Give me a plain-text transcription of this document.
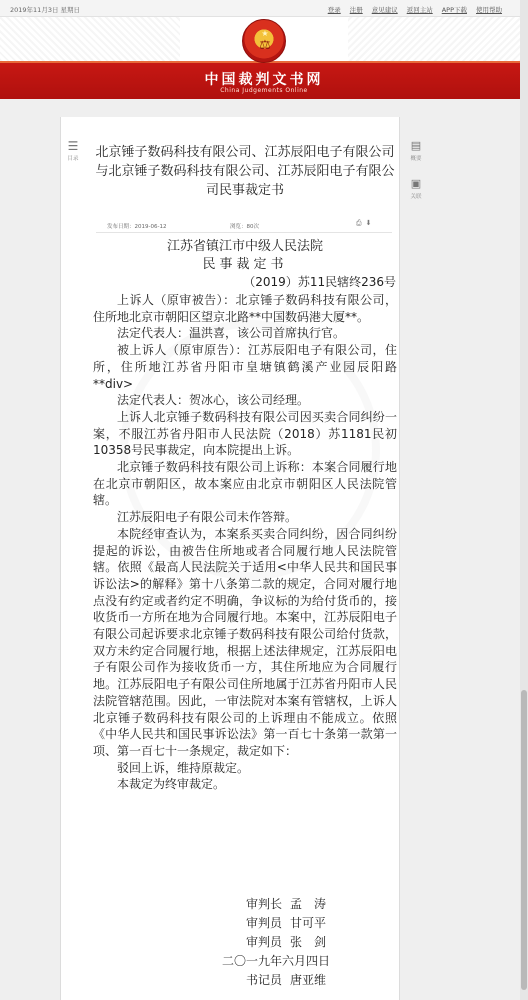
2019年11月3日 星期日	登录 注册 意见建议 返回主站 APP下载 使用帮助
★
⚖
中国裁判文书网
China Judgements Online
☰
目录
▤
概要
▣
关联
北京锤子数码科技有限公司、江苏辰阳电子有限公司与北京锤子数码科技有限公司、江苏辰阳电子有限公司民事裁定书
发布日期：2019-06-12	浏览：80次	⎙ ⬇
江苏省镇江市中级人民法院
民事裁定书
（2019）苏11民辖终236号

上诉人（原审被告）：北京锤子数码科技有限公司，住所地北京市朝阳区望京北路**中国数码港大厦**。

法定代表人：温洪喜，该公司首席执行官。

被上诉人（原审原告）：江苏辰阳电子有限公司，住所，住所地江苏省丹阳市皇塘镇鹤溪产业园辰阳路**div>

法定代表人：贺冰心，该公司经理。

上诉人北京锤子数码科技有限公司因买卖合同纠纷一案，不服江苏省丹阳市人民法院（2018）苏1181民初10358号民事裁定，向本院提出上诉。

北京锤子数码科技有限公司上诉称：本案合同履行地在北京市朝阳区，故本案应由北京市朝阳区人民法院管辖。

江苏辰阳电子有限公司未作答辩。

本院经审查认为，本案系买卖合同纠纷，因合同纠纷提起的诉讼，由被告住所地或者合同履行地人民法院管辖。依照《最高人民法院关于适用<中华人民共和国民事诉讼法>的解释》第十八条第二款的规定，合同对履行地点没有约定或者约定不明确，争议标的为给付货币的，接收货币一方所在地为合同履行地。本案中，江苏辰阳电子有限公司起诉要求北京锤子数码科技有限公司给付货款，双方未约定合同履行地，根据上述法律规定，江苏辰阳电子有限公司作为接收货币一方，其住所地应为合同履行地。江苏辰阳电子有限公司住所地属于江苏省丹阳市人民法院管辖范围。因此，一审法院对本案有管辖权，上诉人北京锤子数码科技有限公司的上诉理由不能成立。依照《中华人民共和国民事诉讼法》第一百七十条第一款第一项、第一百七十一条规定，裁定如下：

驳回上诉，维持原裁定。

本裁定为终审裁定。

审判长 孟　涛
审判员 甘可平
审判员 张　剑
二〇一九年六月四日
书记员 唐亚维
